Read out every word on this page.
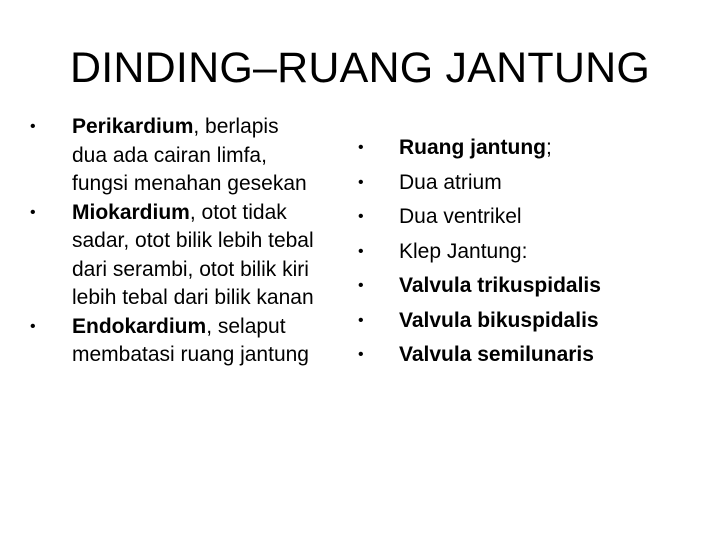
DINDING–RUANG JANTUNG
• Perikardium, berlapis
dua ada cairan limfa,
fungsi menahan gesekan
• Miokardium, otot tidak
sadar, otot bilik lebih tebal
dari serambi, otot bilik kiri
lebih tebal dari bilik kanan
• Endokardium, selaput
membatasi ruang jantung
• Ruang jantung;
• Dua atrium
• Dua ventrikel
• Klep Jantung:
• Valvula trikuspidalis
• Valvula bikuspidalis
• Valvula semilunaris
